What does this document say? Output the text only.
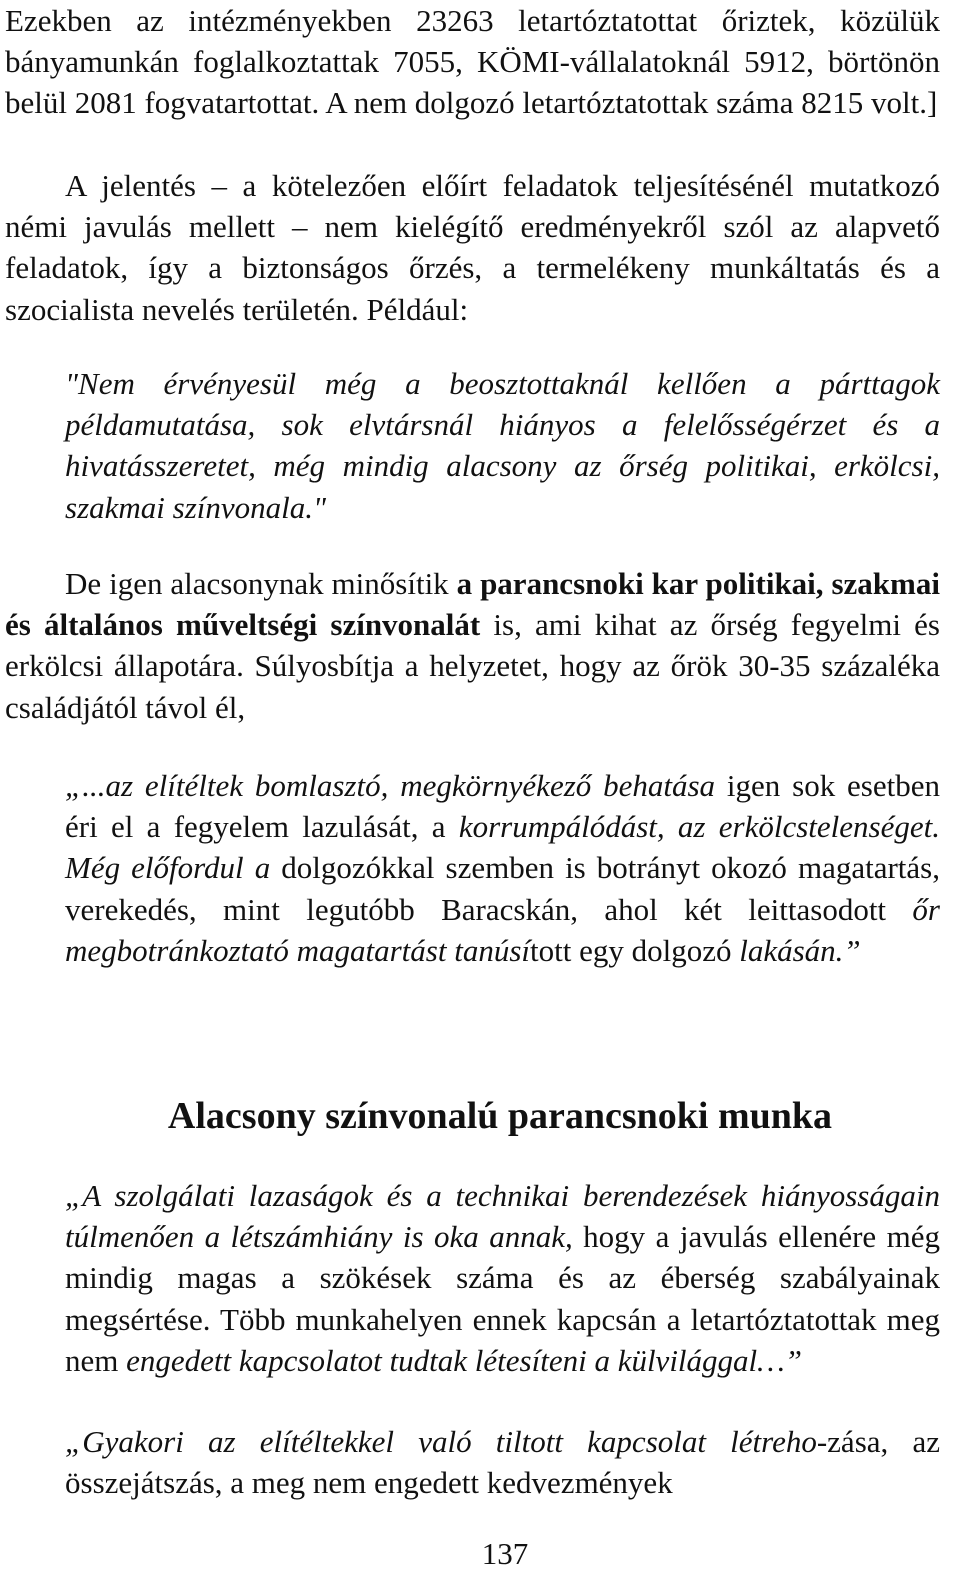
Ezekben az intézményekben 23263 letartóztatottat őriztek, közülük bányamunkán foglalkoztattak 7055, KÖMI-vállalatoknál 5912, börtönön belül 2081 fogvatartottat. A nem dolgozó letartóztatottak száma 8215 volt.]

A jelentés – a kötelezően előírt feladatok teljesítésénél mutatkozó némi javulás mellett – nem kielégítő eredményekről szól az alapvető feladatok, így a biztonságos őrzés, a termelékeny munkáltatás és a szocialista nevelés területén. Például:

"Nem érvényesül még a beosztottaknál kellően a párttagok példamutatása, sok elvtársnál hiányos a felelősségérzet és a hivatásszeretet, még mindig alacsony az őrség politikai, erkölcsi, szakmai színvonala."

De igen alacsonynak minősítik a parancsnoki kar politikai, szakmai és általános műveltségi színvonalát is, ami kihat az őrség fegyelmi és erkölcsi állapotára. Súlyosbítja a helyzetet, hogy az őrök 30-35 százaléka családjától távol él,

„...az elítéltek bomlasztó, megkörnyékező behatása igen sok esetben éri el a fegyelem lazulását, a korrumpálódást, az erkölcstelenséget. Még előfordul a dolgozókkal szemben is botrányt okozó magatartás, verekedés, mint legutóbb Baracskán, ahol két leittasodott őr megbotránkoztató magatartást tanúsított egy dolgozó lakásán.”

Alacsony színvonalú parancsnoki munka

„A szolgálati lazaságok és a technikai berendezések hiányosságain túlmenően a létszámhiány is oka annak, hogy a javulás ellenére még mindig magas a szökések száma és az éberség szabályainak megsértése. Több munkahelyen ennek kapcsán a letartóztatottak meg nem engedett kapcsolatot tudtak létesíteni a külvilággal…”

„Gyakori az elítéltekkel való tiltott kapcsolat létreho-zása, az összejátszás, a meg nem engedett kedvezmények

137
